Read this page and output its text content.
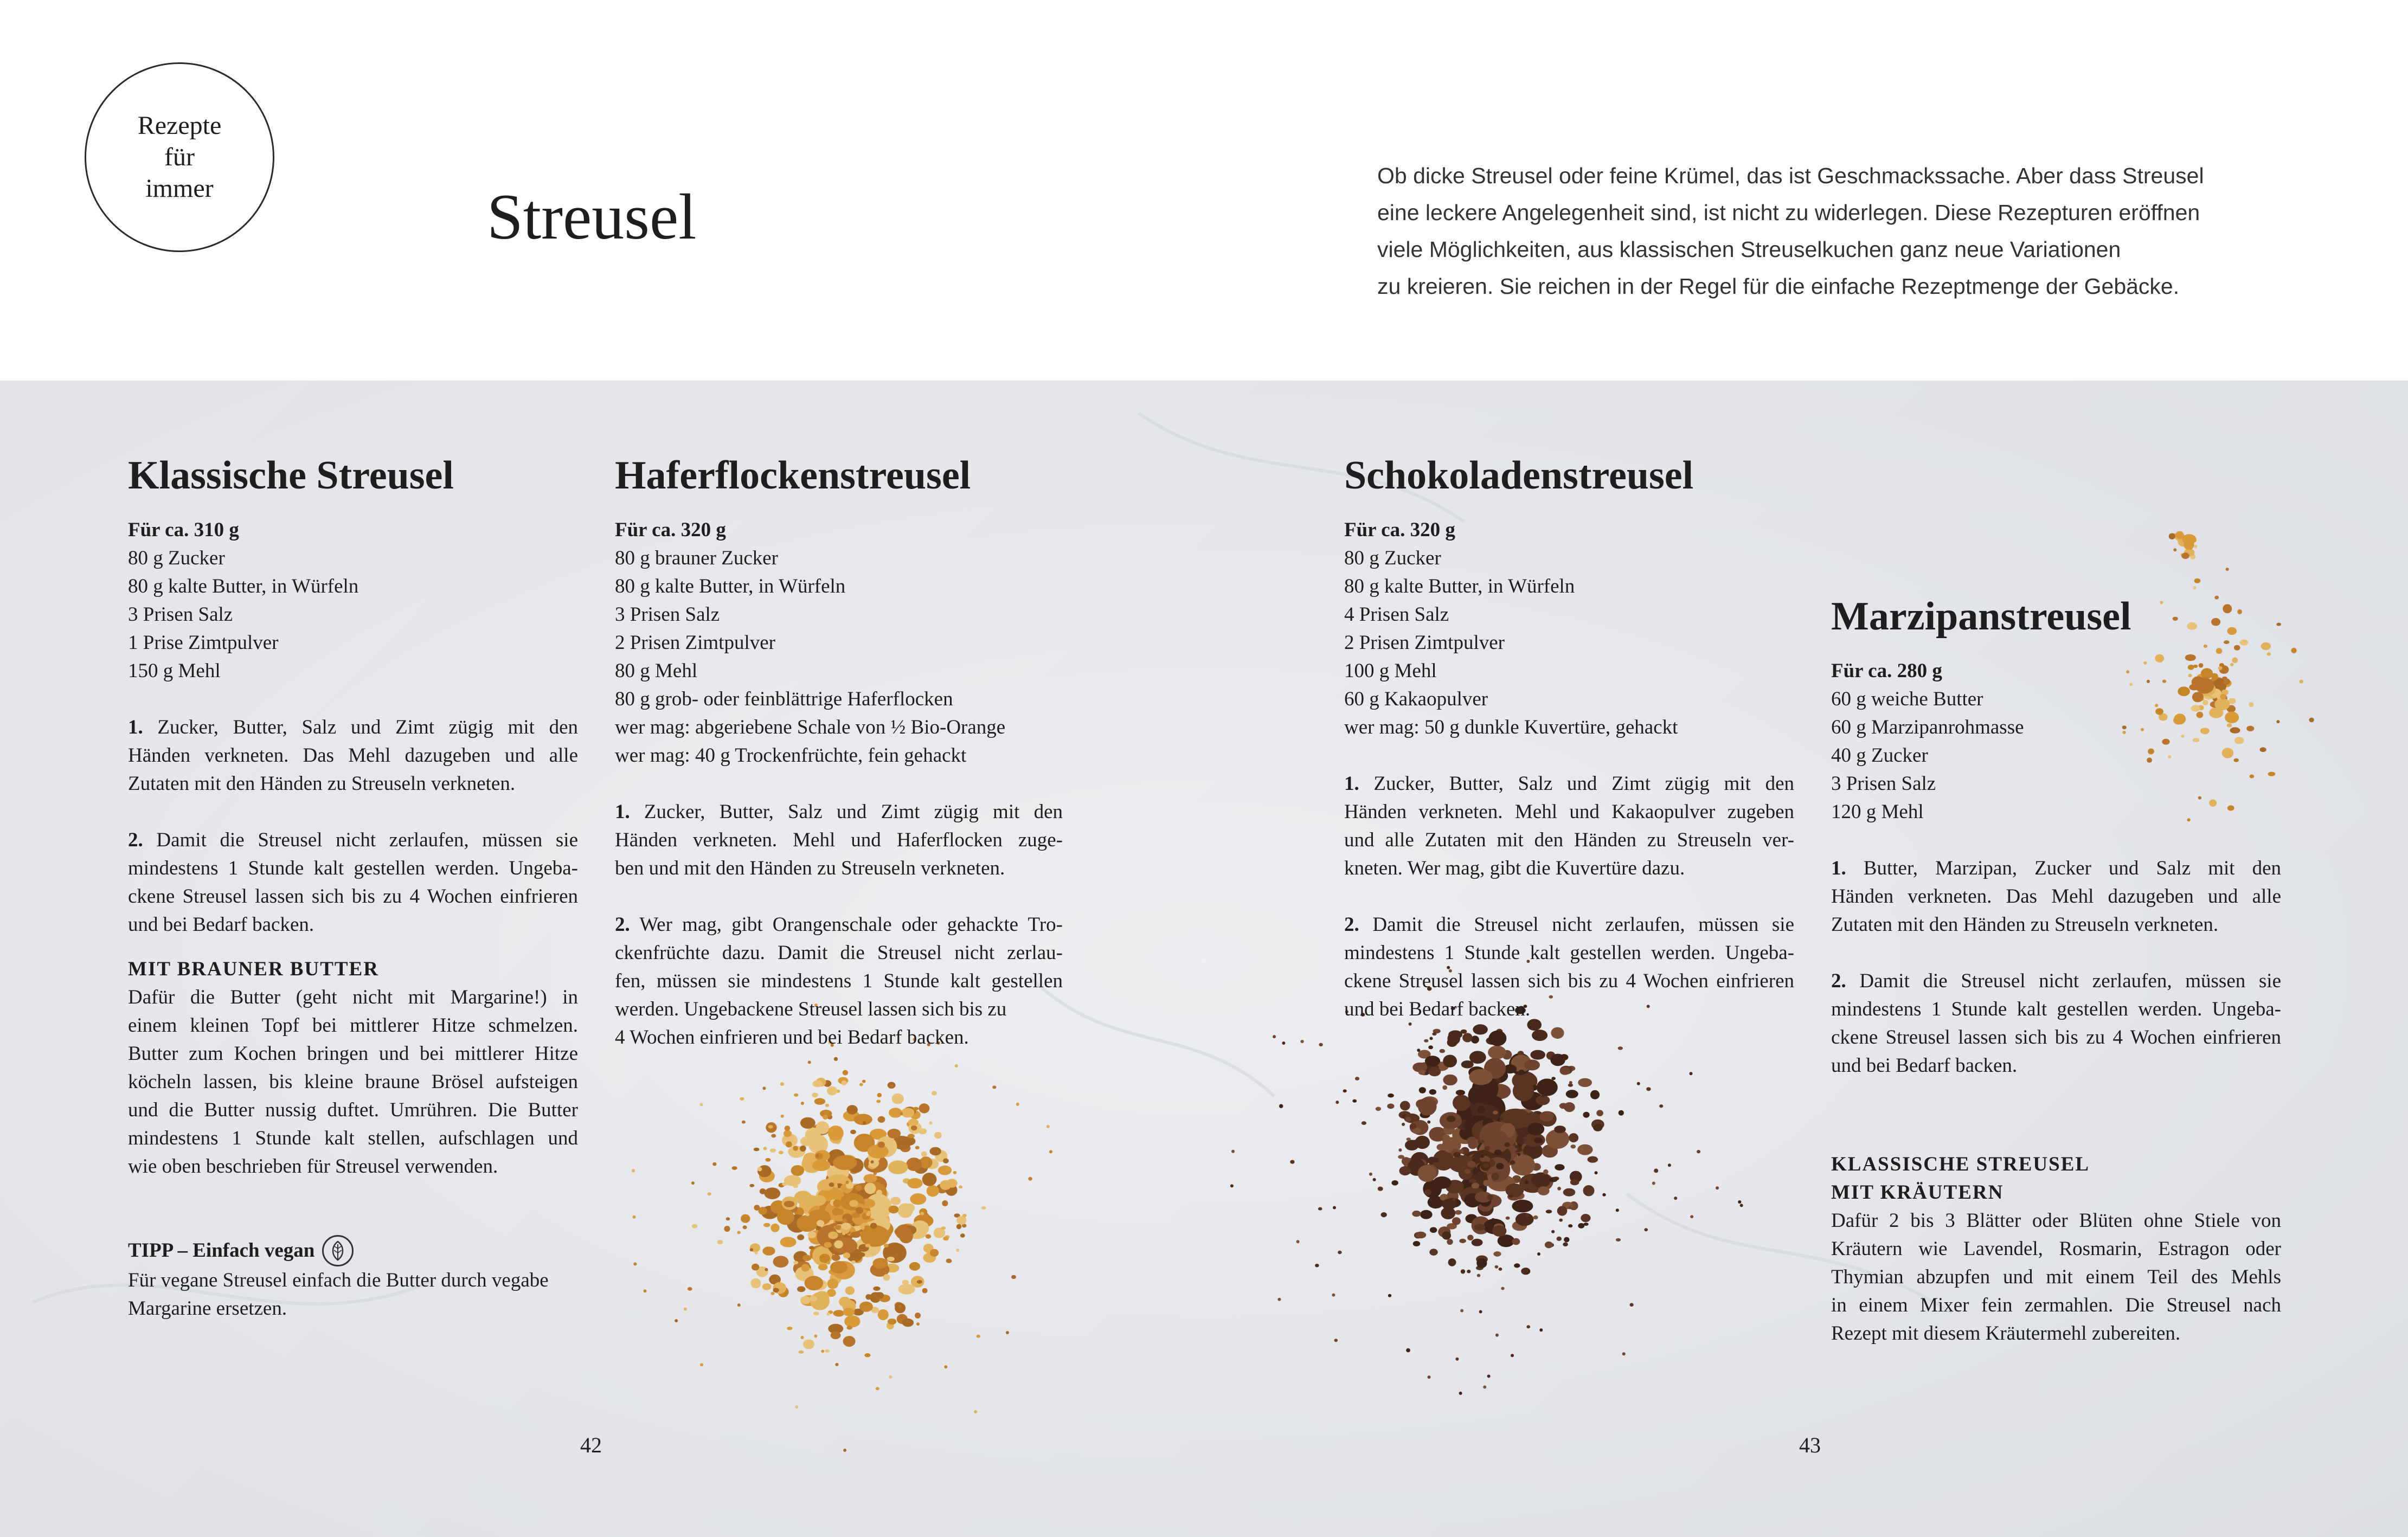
Rezepte
für
immer	Streusel
Ob dicke Streusel oder feine Krümel, das ist Geschmackssache. Aber dass Streusel
eine leckere Angelegenheit sind, ist nicht zu widerlegen. Diese Rezepturen eröffnen
viele Möglichkeiten, aus klassischen Streuselkuchen ganz neue Variationen
zu kreieren. Sie reichen in der Regel für die einfache Rezeptmenge der Gebäcke.
Klassische Streusel
Für ca. 310 g
80 g Zucker
80 g kalte Butter, in Würfeln
3 Prisen Salz
1 Prise Zimtpulver
150 g Mehl
1. Zucker, Butter, Salz und Zimt zügig mit den
Händen verkneten. Das Mehl dazugeben und alle
Zutaten mit den Händen zu Streuseln verkneten.
2. Damit die Streusel nicht zerlaufen, müssen sie
mindestens 1 Stunde kalt gestellen werden. Ungeba-
ckene Streusel lassen sich bis zu 4 Wochen einfrieren
und bei Bedarf backen.
MIT BRAUNER BUTTER
Dafür die Butter (geht nicht mit Margarine!) in
einem kleinen Topf bei mittlerer Hitze schmelzen.
Butter zum Kochen bringen und bei mittlerer Hitze
köcheln lassen, bis kleine braune Brösel aufsteigen
und die Butter nussig duftet. Umrühren. Die Butter
mindestens 1 Stunde kalt stellen, aufschlagen und
wie oben beschrieben für Streusel verwenden.
TIPP – Einfach vegan
Für vegane Streusel einfach die Butter durch vegabe
Margarine ersetzen.
Haferflockenstreusel
Für ca. 320 g
80 g brauner Zucker
80 g kalte Butter, in Würfeln
3 Prisen Salz
2 Prisen Zimtpulver
80 g Mehl
80 g grob- oder feinblättrige Haferflocken
wer mag: abgeriebene Schale von ½ Bio-Orange
wer mag: 40 g Trockenfrüchte, fein gehackt
1. Zucker, Butter, Salz und Zimt zügig mit den
Händen verkneten. Mehl und Haferflocken zuge-
ben und mit den Händen zu Streuseln verkneten.
2. Wer mag, gibt Orangenschale oder gehackte Tro-
ckenfrüchte dazu. Damit die Streusel nicht zerlau-
fen, müssen sie mindestens 1 Stunde kalt gestellen
werden. Ungebackene Streusel lassen sich bis zu
4 Wochen einfrieren und bei Bedarf backen.
Schokoladenstreusel
Für ca. 320 g
80 g Zucker
80 g kalte Butter, in Würfeln
4 Prisen Salz
2 Prisen Zimtpulver
100 g Mehl
60 g Kakaopulver
wer mag: 50 g dunkle Kuvertüre, gehackt
1. Zucker, Butter, Salz und Zimt zügig mit den
Händen verkneten. Mehl und Kakaopulver zugeben
und alle Zutaten mit den Händen zu Streuseln ver-
kneten. Wer mag, gibt die Kuvertüre dazu.
2. Damit die Streusel nicht zerlaufen, müssen sie
mindestens 1 Stunde kalt gestellen werden. Ungeba-
ckene Streusel lassen sich bis zu 4 Wochen einfrieren
und bei Bedarf backen.
Marzipanstreusel
Für ca. 280 g
60 g weiche Butter
60 g Marzipanrohmasse
40 g Zucker
3 Prisen Salz
120 g Mehl
1. Butter, Marzipan, Zucker und Salz mit den
Händen verkneten. Das Mehl dazugeben und alle
Zutaten mit den Händen zu Streuseln verkneten.
2. Damit die Streusel nicht zerlaufen, müssen sie
mindestens 1 Stunde kalt gestellen werden. Ungeba-
ckene Streusel lassen sich bis zu 4 Wochen einfrieren
und bei Bedarf backen.
KLASSISCHE STREUSEL
MIT KRÄUTERN
Dafür 2 bis 3 Blätter oder Blüten ohne Stiele von
Kräutern wie Lavendel, Rosmarin, Estragon oder
Thymian abzupfen und mit einem Teil des Mehls
in einem Mixer fein zermahlen. Die Streusel nach
Rezept mit diesem Kräutermehl zubereiten.
42	43
